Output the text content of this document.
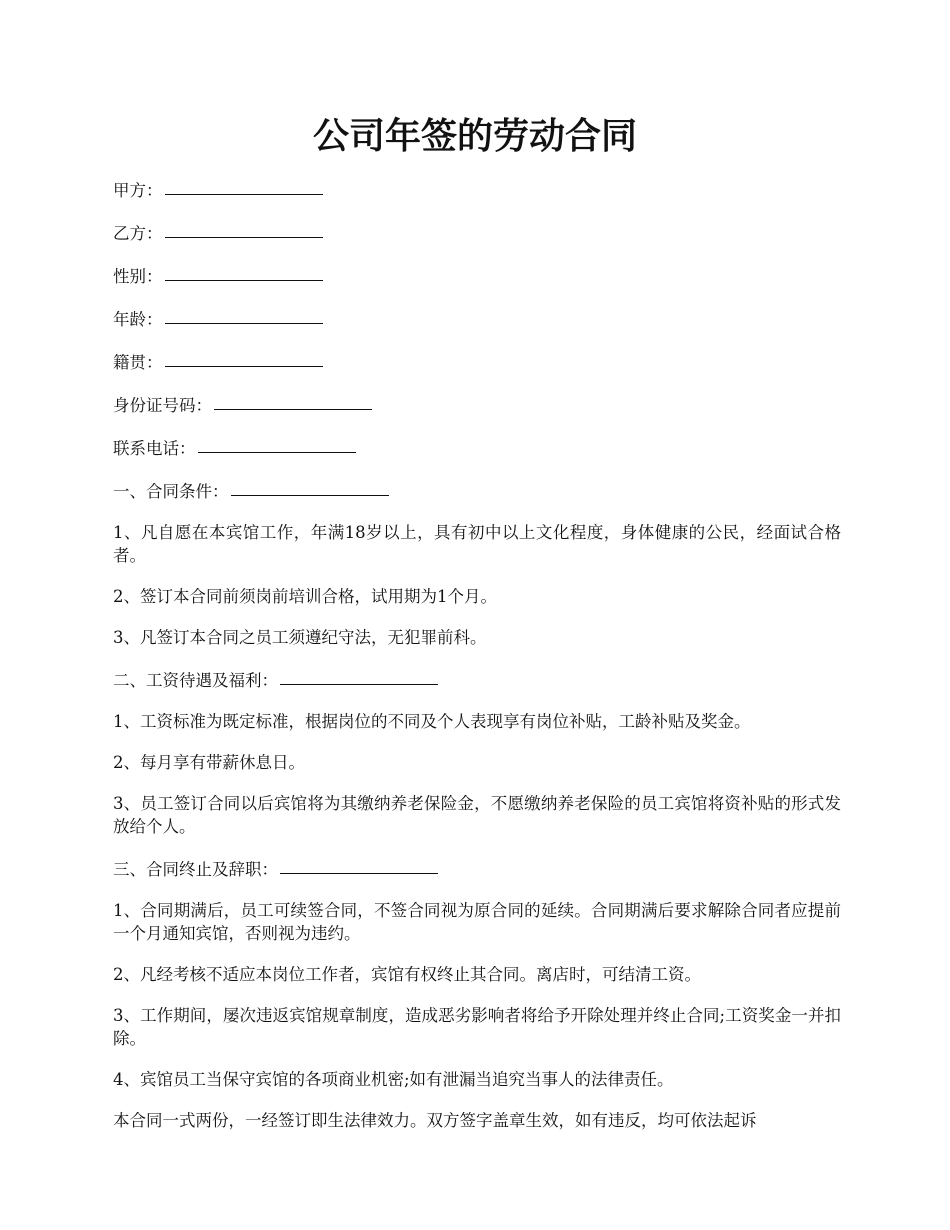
公司年签的劳动合同
甲方：
乙方：
性别：
年龄：
籍贯：
身份证号码：
联系电话：
一、合同条件：
1、凡自愿在本宾馆工作，年满18岁以上，具有初中以上文化程度，身体健康的公民，经面试合格者。
2、签订本合同前须岗前培训合格，试用期为1个月。
3、凡签订本合同之员工须遵纪守法，无犯罪前科。
二、工资待遇及福利：
1、工资标准为既定标准，根据岗位的不同及个人表现享有岗位补贴，工龄补贴及奖金。
2、每月享有带薪休息日。
3、员工签订合同以后宾馆将为其缴纳养老保险金，不愿缴纳养老保险的员工宾馆将资补贴的形式发放给个人。
三、合同终止及辞职：
1、合同期满后，员工可续签合同，不签合同视为原合同的延续。合同期满后要求解除合同者应提前一个月通知宾馆，否则视为违约。
2、凡经考核不适应本岗位工作者，宾馆有权终止其合同。离店时，可结清工资。
3、工作期间，屡次违返宾馆规章制度，造成恶劣影响者将给予开除处理并终止合同;工资奖金一并扣除。
4、宾馆员工当保守宾馆的各项商业机密;如有泄漏当追究当事人的法律责任。
本合同一式两份，一经签订即生法律效力。双方签字盖章生效，如有违反，均可依法起诉
